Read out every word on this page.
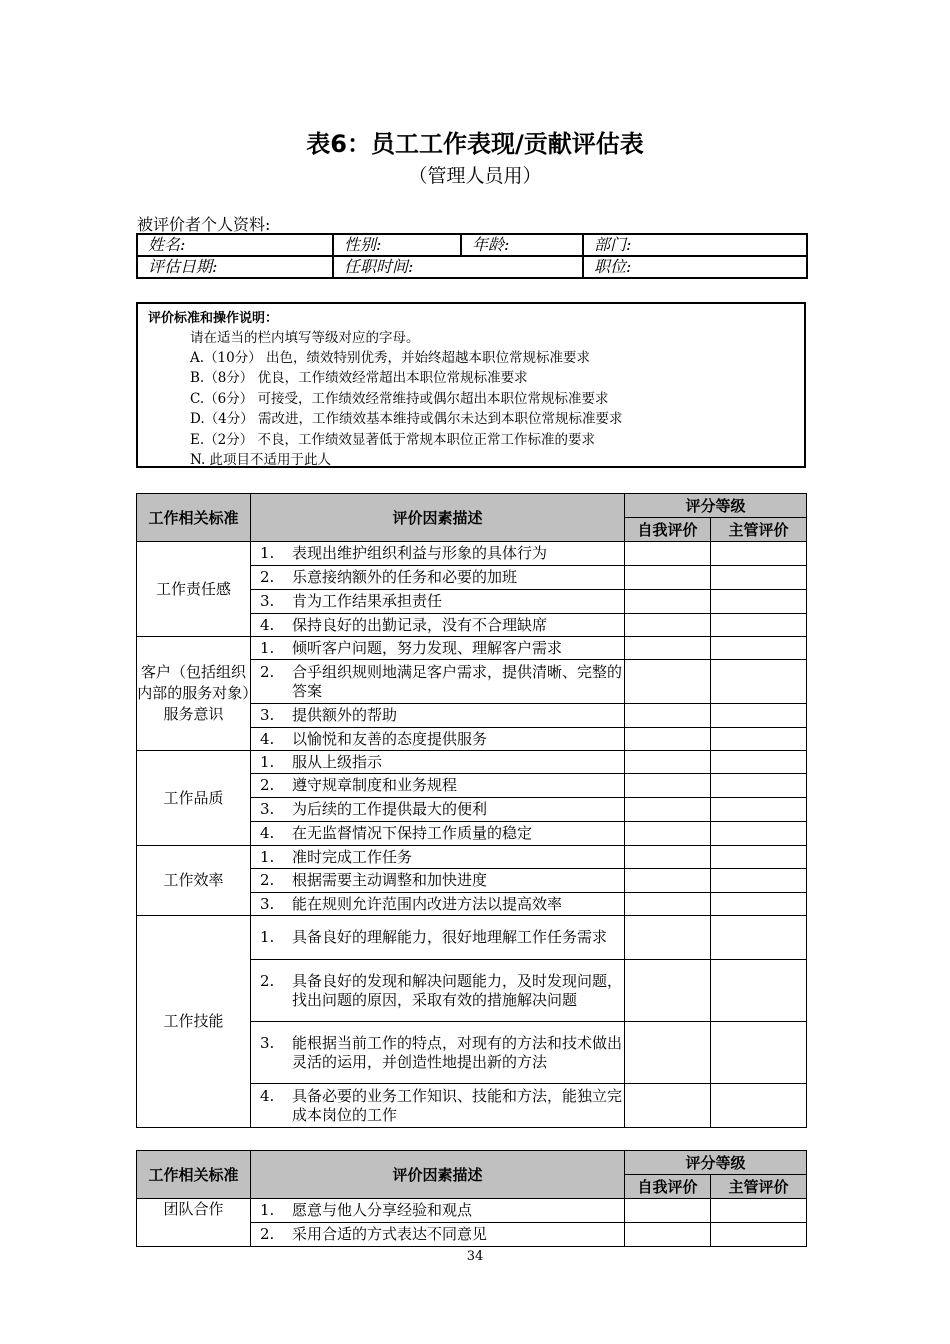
表6：员工工作表现/贡献评估表
（管理人员用）
被评价者个人资料:
姓名:	性别:	年龄:	部门:
评估日期:	任职时间:		职位:
评价标准和操作说明：
请在适当的栏内填写等级对应的字母。
A.（10分） 出色，绩效特别优秀，并始终超越本职位常规标准要求
B.（8分） 优良，工作绩效经常超出本职位常规标准要求
C.（6分） 可接受，工作绩效经常维持或偶尔超出本职位常规标准要求
D.（4分） 需改进，工作绩效基本维持或偶尔未达到本职位常规标准要求
E.（2分） 不良，工作绩效显著低于常规本职位正常工作标准的要求
N. 此项目不适用于此人
工作相关标准	评价因素描述	评分等级	
		自我评价	主管评价
工作责任感	1. 表现出维护组织利益与形象的具体行为		
	2. 乐意接纳额外的任务和必要的加班		
	3. 肯为工作结果承担责任		
	4. 保持良好的出勤记录，没有不合理缺席		
客户（包括组织内部的服务对象）服务意识	1. 倾听客户问题，努力发现、理解客户需求		
	2. 合乎组织规则地满足客户需求，提供清晰、完整的答案		
	3. 提供额外的帮助		
	4. 以愉悦和友善的态度提供服务		
工作品质	1. 服从上级指示		
	2. 遵守规章制度和业务规程		
	3. 为后续的工作提供最大的便利		
	4. 在无监督情况下保持工作质量的稳定		
工作效率	1. 准时完成工作任务		
	2. 根据需要主动调整和加快进度		
	3. 能在规则允许范围内改进方法以提高效率		
工作技能	1. 具备良好的理解能力，很好地理解工作任务需求		
	2. 具备良好的发现和解决问题能力，及时发现问题，找出问题的原因，采取有效的措施解决问题		
	3. 能根据当前工作的特点，对现有的方法和技术做出灵活的运用，并创造性地提出新的方法		
	4. 具备必要的业务工作知识、技能和方法，能独立完成本岗位的工作		
工作相关标准	评价因素描述	评分等级	
		自我评价	主管评价
团队合作	1. 愿意与他人分享经验和观点		
	2. 采用合适的方式表达不同意见		
34
